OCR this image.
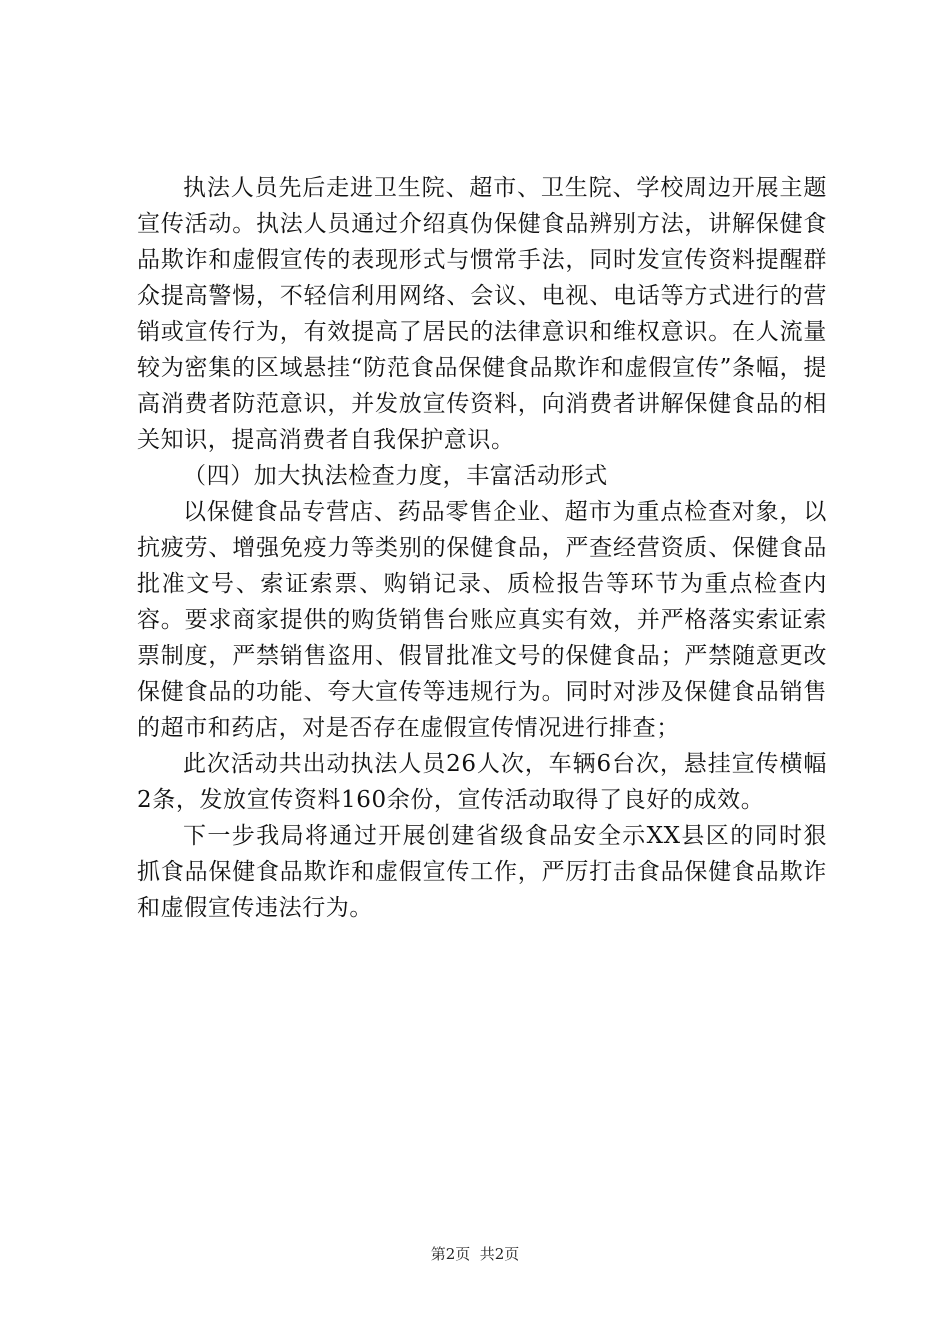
执法人员先后走进卫生院、超市、卫生院、学校周边开展主题宣传活动。执法人员通过介绍真伪保健食品辨别方法，讲解保健食品欺诈和虚假宣传的表现形式与惯常手法，同时发宣传资料提醒群众提高警惕，不轻信利用网络、会议、电视、电话等方式进行的营销或宣传行为，有效提高了居民的法律意识和维权意识。在人流量较为密集的区域悬挂“防范食品保健食品欺诈和虚假宣传”条幅，提高消费者防范意识，并发放宣传资料，向消费者讲解保健食品的相关知识，提高消费者自我保护意识。

（四）加大执法检查力度，丰富活动形式

以保健食品专营店、药品零售企业、超市为重点检查对象，以抗疲劳、增强免疫力等类别的保健食品，严查经营资质、保健食品批准文号、索证索票、购销记录、质检报告等环节为重点检查内容。要求商家提供的购货销售台账应真实有效，并严格落实索证索票制度，严禁销售盗用、假冒批准文号的保健食品；严禁随意更改保健食品的功能、夸大宣传等违规行为。同时对涉及保健食品销售的超市和药店，对是否存在虚假宣传情况进行排查；

此次活动共出动执法人员26人次，车辆6台次，悬挂宣传横幅2条，发放宣传资料160余份，宣传活动取得了良好的成效。

下一步我局将通过开展创建省级食品安全示XX县区的同时狠抓食品保健食品欺诈和虚假宣传工作，严厉打击食品保健食品欺诈和虚假宣传违法行为。

第2页  共2页
